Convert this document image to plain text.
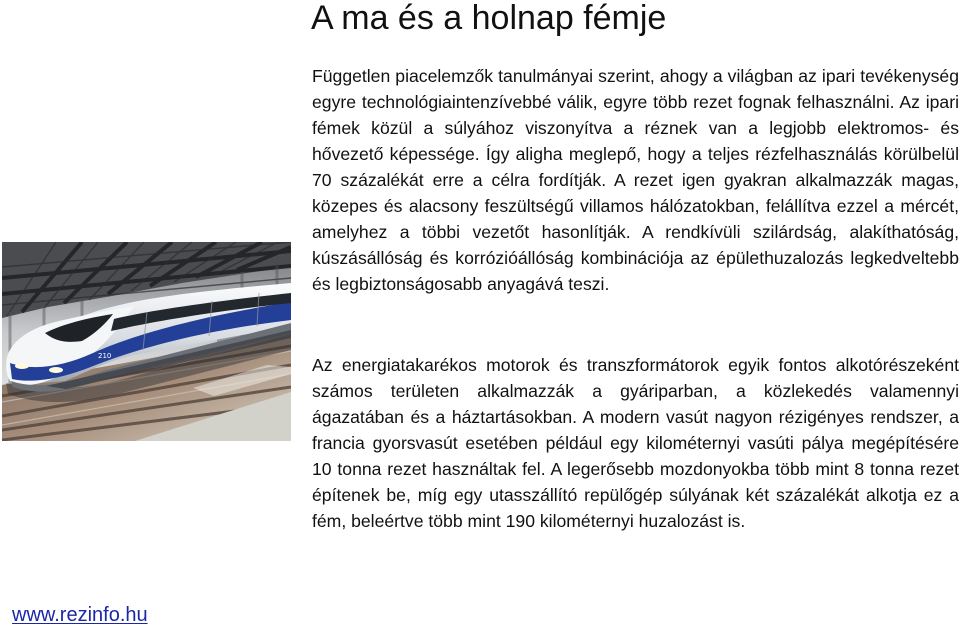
A ma és a holnap fémje

Független piacelemzők tanulmányai szerint, ahogy a világban az ipari tevékenység egyre technológiaintenzívebbé válik, egyre több rezet fognak felhasználni. Az ipari fémek közül a súlyához viszonyítva a réznek van a legjobb elektromos- és hővezető képessége. Így aligha meglepő, hogy a teljes rézfelhasználás körülbelül 70 százalékát erre a célra fordítják. A rezet igen gyakran alkalmazzák magas, közepes és alacsony feszültségű villamos hálózatokban, felállítva ezzel a mércét, amelyhez a többi vezetőt hasonlítják. A rendkívüli szilárdság, alakíthatóság, kúszásállóság és korrózióállóság kombinációja az épülethuzalozás legkedveltebb és legbiztonságosabb anyagává teszi.

210	Az energiatakarékos motorok és transzformátorok egyik fontos alkotórészeként számos területen alkalmazzák a gyáriparban, a közlekedés valamennyi ágazatában és a háztartásokban. A modern vasút nagyon rézigényes rendszer, a francia gyorsvasút esetében például egy kilométernyi vasúti pálya megépítésére 10 tonna rezet használtak fel. A legerősebb mozdonyokba több mint 8 tonna rezet építenek be, míg egy utasszállító repülőgép súlyának két százalékát alkotja ez a fém, beleértve több mint 190 kilométernyi huzalozást is.

www.rezinfo.hu
